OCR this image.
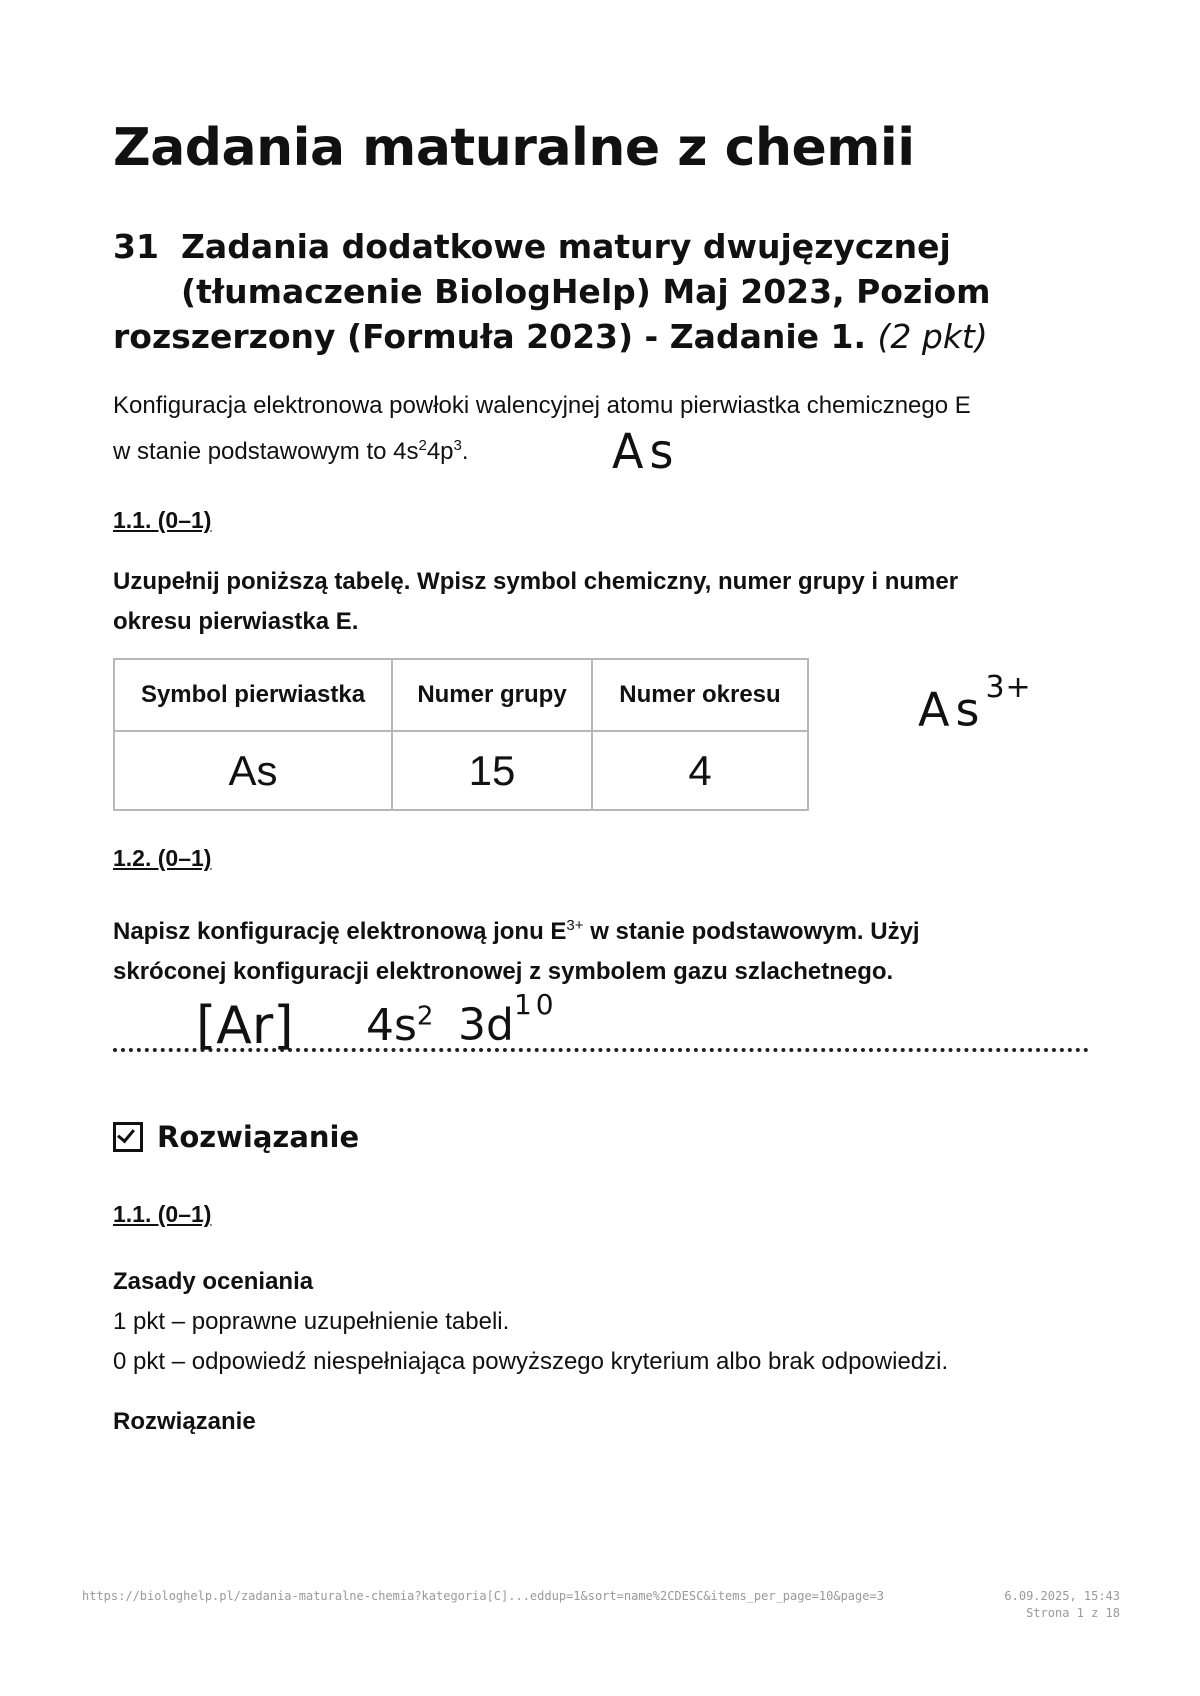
Zadania maturalne z chemii
31 Zadania dodatkowe matury dwujęzycznej
(tłumaczenie BiologHelp) Maj 2023, Poziom
rozszerzony (Formuła 2023) - Zadanie 1. (2 pkt)
Konfiguracja elektronowa powłoki walencyjnej atomu pierwiastka chemicznego E
w stanie podstawowym to $4s^24p^3$.	As
1.1. (0–1)
Uzupełnij poniższą tabelę. Wpisz symbol chemiczny, numer grupy i numer
okresu pierwiastka E.
Symbol pierwiastka	Numer grupy	Numer okresu
As	15	4
$As^{3+}$
1.2. (0–1)
Napisz konfigurację elektronową jonu $E^{3+}$ w stanie podstawowym. Użyj
skróconej konfiguracji elektronowej z symbolem gazu szlachetnego.
[Ar] $4s^2$ $3d^{10}$
Rozwiązanie
1.1. (0–1)
Zasady oceniania
1 pkt – poprawne uzupełnienie tabeli.
0 pkt – odpowiedź niespełniająca powyższego kryterium albo brak odpowiedzi.
Rozwiązanie
https://biologhelp.pl/zadania-maturalne-chemia?kategoria[C]...eddup=1&sort=name%2CDESC&items_per_page=10&page=3	6.09.2025, 15:43
Strona 1 z 18
